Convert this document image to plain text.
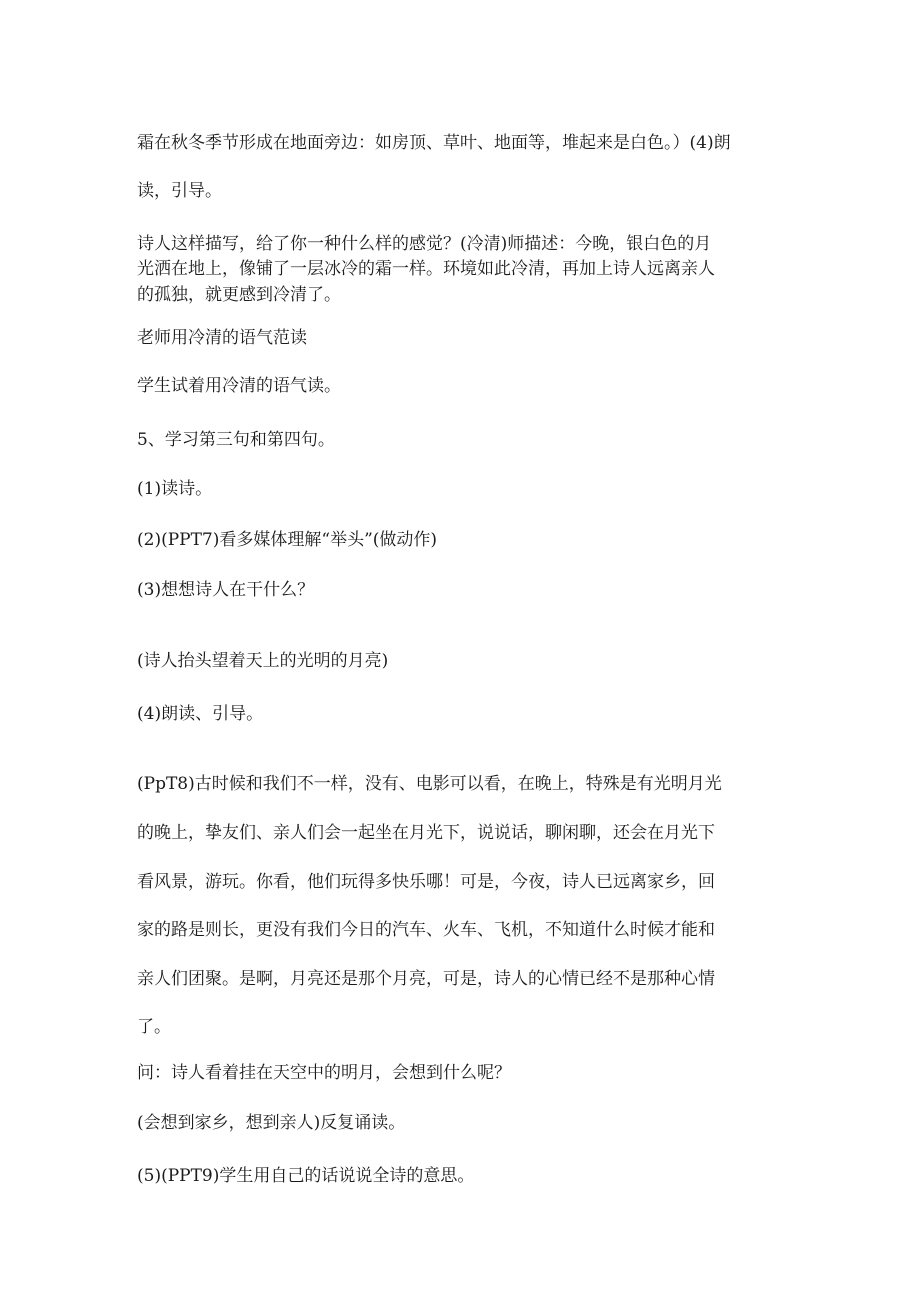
霜在秋冬季节形成在地面旁边：如房顶、草叶、地面等，堆起来是白色。）(4)朗

读，引导。

诗人这样描写，给了你一种什么样的感觉？(冷清)师描述：今晚，银白色的月

光洒在地上，像铺了一层冰冷的霜一样。环境如此冷清，再加上诗人远离亲人

的孤独，就更感到冷清了。

老师用冷清的语气范读

学生试着用冷清的语气读。

5、学习第三句和第四句。

(1)读诗。

(2)(PPT7)看多媒体理解“举头”(做动作)

(3)想想诗人在干什么？

(诗人抬头望着天上的光明的月亮)

(4)朗读、引导。

(PpT8)古时候和我们不一样，没有、电影可以看，在晚上，特殊是有光明月光

的晚上，挚友们、亲人们会一起坐在月光下，说说话，聊闲聊，还会在月光下

看风景，游玩。你看，他们玩得多快乐哪！可是，今夜，诗人已远离家乡，回

家的路是则长，更没有我们今日的汽车、火车、飞机，不知道什么时候才能和

亲人们团聚。是啊，月亮还是那个月亮，可是，诗人的心情已经不是那种心情

了。

问：诗人看着挂在天空中的明月，会想到什么呢？

(会想到家乡，想到亲人)反复诵读。

(5)(PPT9)学生用自己的话说说全诗的意思。
